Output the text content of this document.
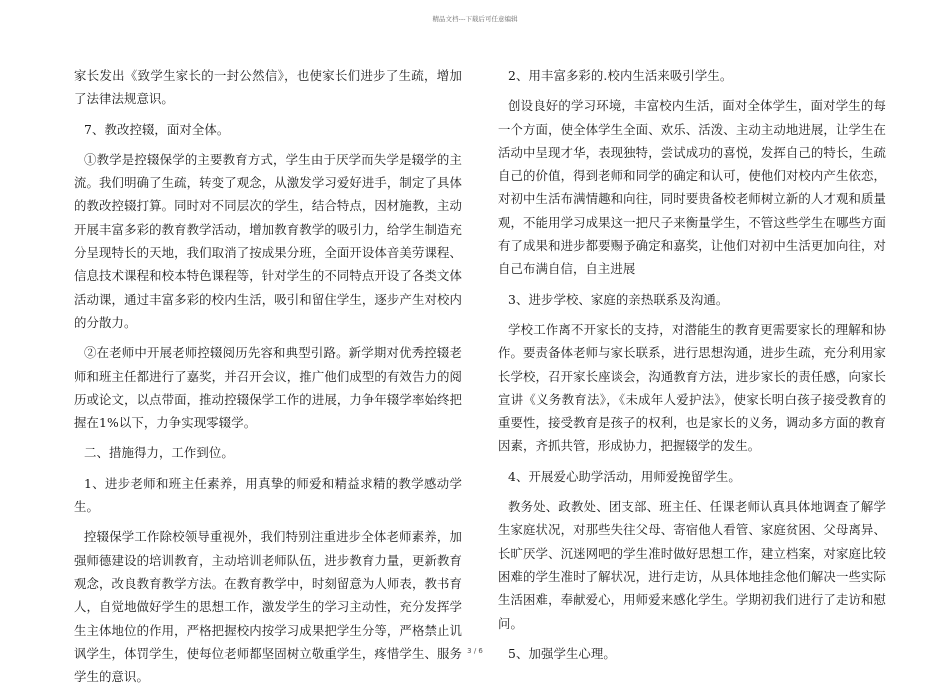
精品文档---下载后可任意编辑

家长发出《致学生家长的一封公然信》，也使家长们进步了生疏，增加了法律法规意识。

7、教改控辍，面对全体。

①教学是控辍保学的主要教育方式，学生由于厌学而失学是辍学的主流。我们明确了生疏，转变了观念，从激发学习爱好进手，制定了具体的教改控辍打算。同时对不同层次的学生，结合特点，因材施教，主动开展丰富多彩的教育教学活动，增加教育教学的吸引力，给学生制造充分呈现特长的天地，我们取消了按成果分班，全面开设体音美劳课程、信息技术课程和校本特色课程等，针对学生的不同特点开设了各类文体活动课，通过丰富多彩的校内生活，吸引和留住学生，逐步产生对校内的分散力。

②在老师中开展老师控辍阅历先容和典型引路。新学期对优秀控辍老师和班主任都进行了嘉奖，并召开会议，推广他们成型的有效告力的阅历或论文，以点带面，推动控辍保学工作的进展，力争年辍学率始终把握在1%以下，力争实现零辍学。

二、措施得力，工作到位。

1、进步老师和班主任素养，用真挚的师爱和精益求精的教学感动学生。

控辍保学工作除校领导重视外，我们特别注重进步全体老师素养，加强师德建设的培训教育，主动培训老师队伍，进步教育力量，更新教育观念，改良教育教学方法。在教育教学中，时刻留意为人师表，教书育人，自觉地做好学生的思想工作，激发学生的学习主动性，充分发挥学生主体地位的作用，严格把握校内按学习成果把学生分等，严格禁止讥讽学生，体罚学生，使每位老师都坚固树立敬重学生，疼惜学生、服务学生的意识。

2、用丰富多彩的.校内生活来吸引学生。

创设良好的学习环境，丰富校内生活，面对全体学生，面对学生的每一个方面，使全体学生全面、欢乐、活泼、主动主动地进展，让学生在活动中呈现才华，表现独特，尝试成功的喜悦，发挥自己的特长，生疏自己的价值，得到老师和同学的确定和认可，使他们对校内产生依恋，对初中生活布满情趣和向往，同时要贵备校老师树立新的人才观和质量观，不能用学习成果这一把尺子来衡量学生，不管这些学生在哪些方面有了成果和进步都要赐予确定和嘉奖，让他们对初中生活更加向往，对自己布满自信，自主进展

3、进步学校、家庭的亲热联系及沟通。

学校工作离不开家长的支持，对潜能生的教育更需要家长的理解和协作。要责备体老师与家长联系，进行思想沟通，进步生疏，充分利用家长学校，召开家长座谈会，沟通教育方法，进步家长的责任感，向家长宣讲《义务教育法》，《未成年人爱护法》，使家长明白孩子接受教育的重要性，接受教育是孩子的权利，也是家长的义务，调动多方面的教育因素，齐抓共管，形成协力，把握辍学的发生。

4、开展爱心助学活动，用师爱挽留学生。

教务处、政教处、团支部、班主任、任课老师认真具体地调查了解学生家庭状况，对那些失往父母、寄宿他人看管、家庭贫困、父母离异、长旷厌学、沉迷网吧的学生准时做好思想工作，建立档案，对家庭比较困难的学生准时了解状况，进行走访，从具体地挂念他们解决一些实际生活困难，奉献爱心，用师爱来感化学生。学期初我们进行了走访和慰问。

5、加强学生心理。

3 / 6
